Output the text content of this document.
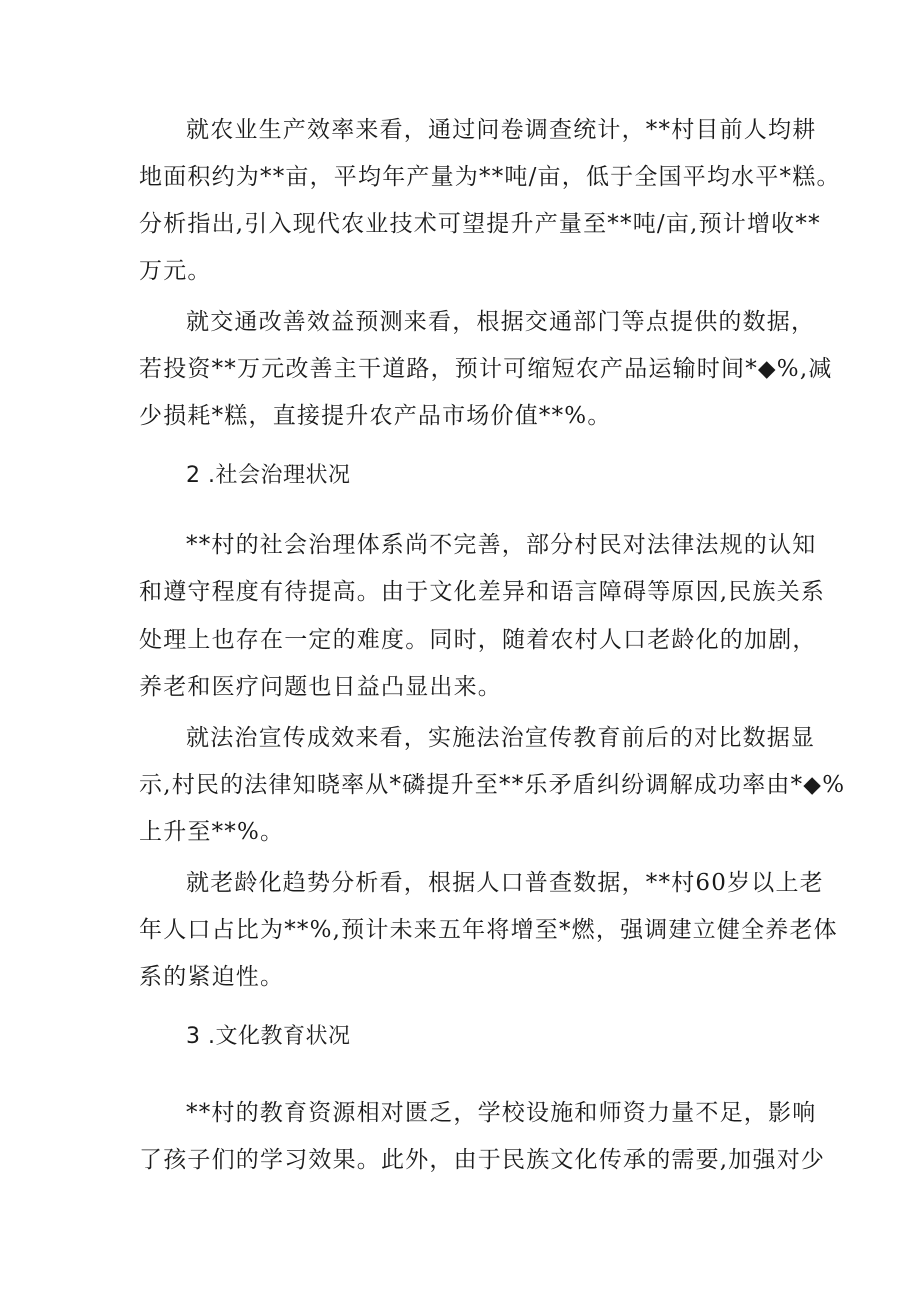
就农业生产效率来看，通过问卷调查统计，**村目前人均耕
地面积约为**亩，平均年产量为**吨/亩，低于全国平均水平*糕。
分析指出,引入现代农业技术可望提升产量至**吨/亩,预计增收**
万元。
就交通改善效益预测来看，根据交通部门等点提供的数据，
若投资**万元改善主干道路，预计可缩短农产品运输时间*◆%,减
少损耗*糕，直接提升农产品市场价值**%。
2 .社会治理状况
**村的社会治理体系尚不完善，部分村民对法律法规的认知
和遵守程度有待提高。由于文化差异和语言障碍等原因,民族关系
处理上也存在一定的难度。同时，随着农村人口老龄化的加剧，
养老和医疗问题也日益凸显出来。
就法治宣传成效来看，实施法治宣传教育前后的对比数据显
示,村民的法律知晓率从*磷提升至**乐矛盾纠纷调解成功率由*◆%
上升至**%。
就老龄化趋势分析看，根据人口普查数据，**村60岁以上老
年人口占比为**%,预计未来五年将增至*燃，强调建立健全养老体
系的紧迫性。
3 .文化教育状况
**村的教育资源相对匮乏，学校设施和师资力量不足，影响
了孩子们的学习效果。此外，由于民族文化传承的需要,加强对少
